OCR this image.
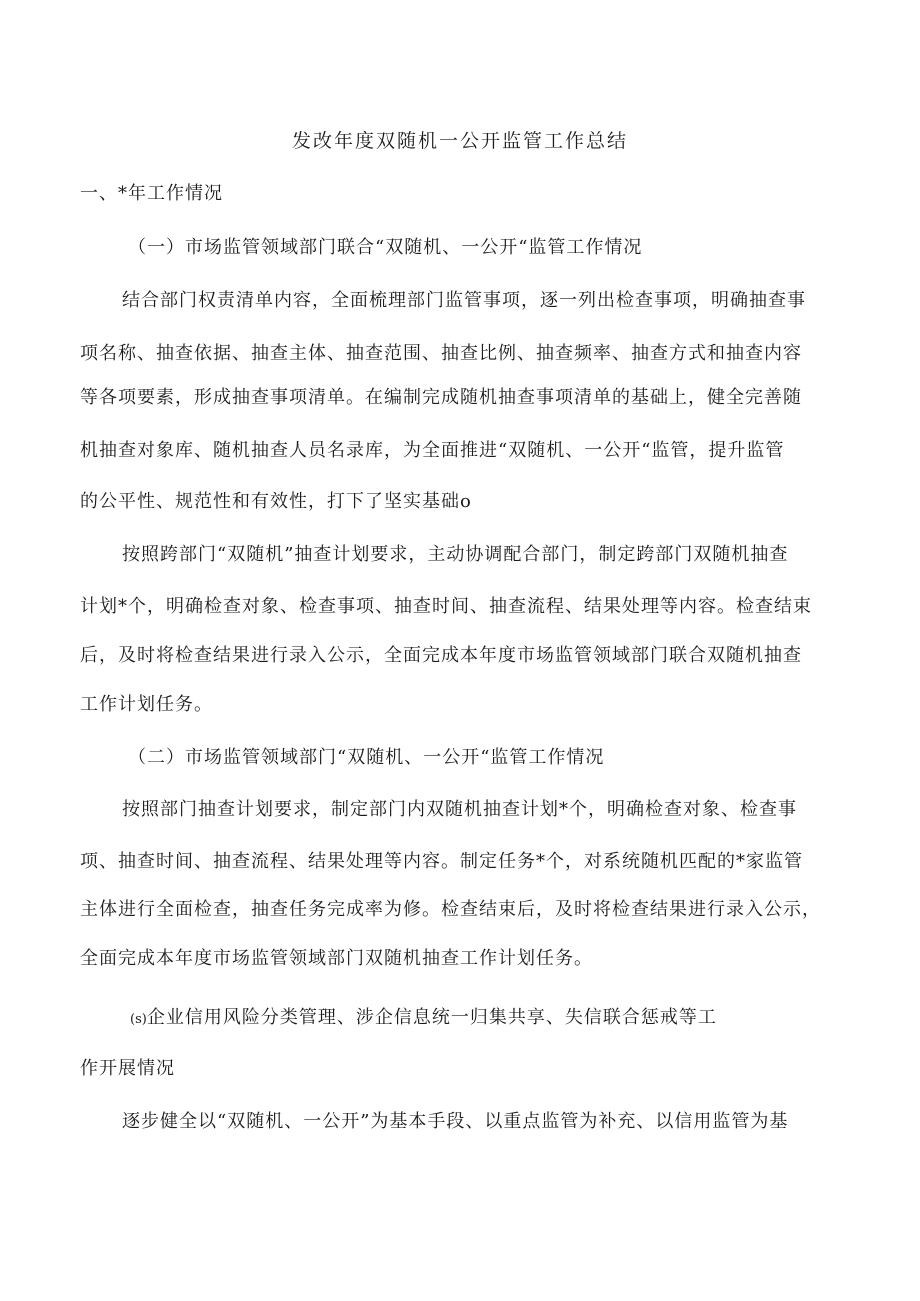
发改年度双随机一公开监管工作总结
一、*年工作情况
（一）市场监管领域部门联合“双随机、一公开“监管工作情况
结合部门权责清单内容，全面梳理部门监管事项，逐一列出检查事项，明确抽查事
项名称、抽查依据、抽查主体、抽查范围、抽查比例、抽查频率、抽查方式和抽查内容
等各项要素，形成抽查事项清单。在编制完成随机抽查事项清单的基础上，健全完善随
机抽查对象库、随机抽查人员名录库，为全面推进“双随机、一公开“监管，提升监管
的公平性、规范性和有效性，打下了坚实基础o
按照跨部门“双随机”抽查计划要求，主动协调配合部门，制定跨部门双随机抽查
计划*个，明确检查对象、检查事项、抽查时间、抽查流程、结果处理等内容。检查结束
后，及时将检查结果进行录入公示，全面完成本年度市场监管领域部门联合双随机抽查
工作计划任务。
（二）市场监管领域部门“双随机、一公开“监管工作情况
按照部门抽查计划要求，制定部门内双随机抽查计划*个，明确检查对象、检查事
项、抽查时间、抽查流程、结果处理等内容。制定任务*个，对系统随机匹配的*家监管
主体进行全面检查，抽查任务完成率为修。检查结束后，及时将检查结果进行录入公示，
全面完成本年度市场监管领域部门双随机抽查工作计划任务。
(s)企业信用风险分类管理、涉企信息统一归集共享、失信联合惩戒等工
作开展情况
逐步健全以“双随机、一公开”为基本手段、以重点监管为补充、以信用监管为基
